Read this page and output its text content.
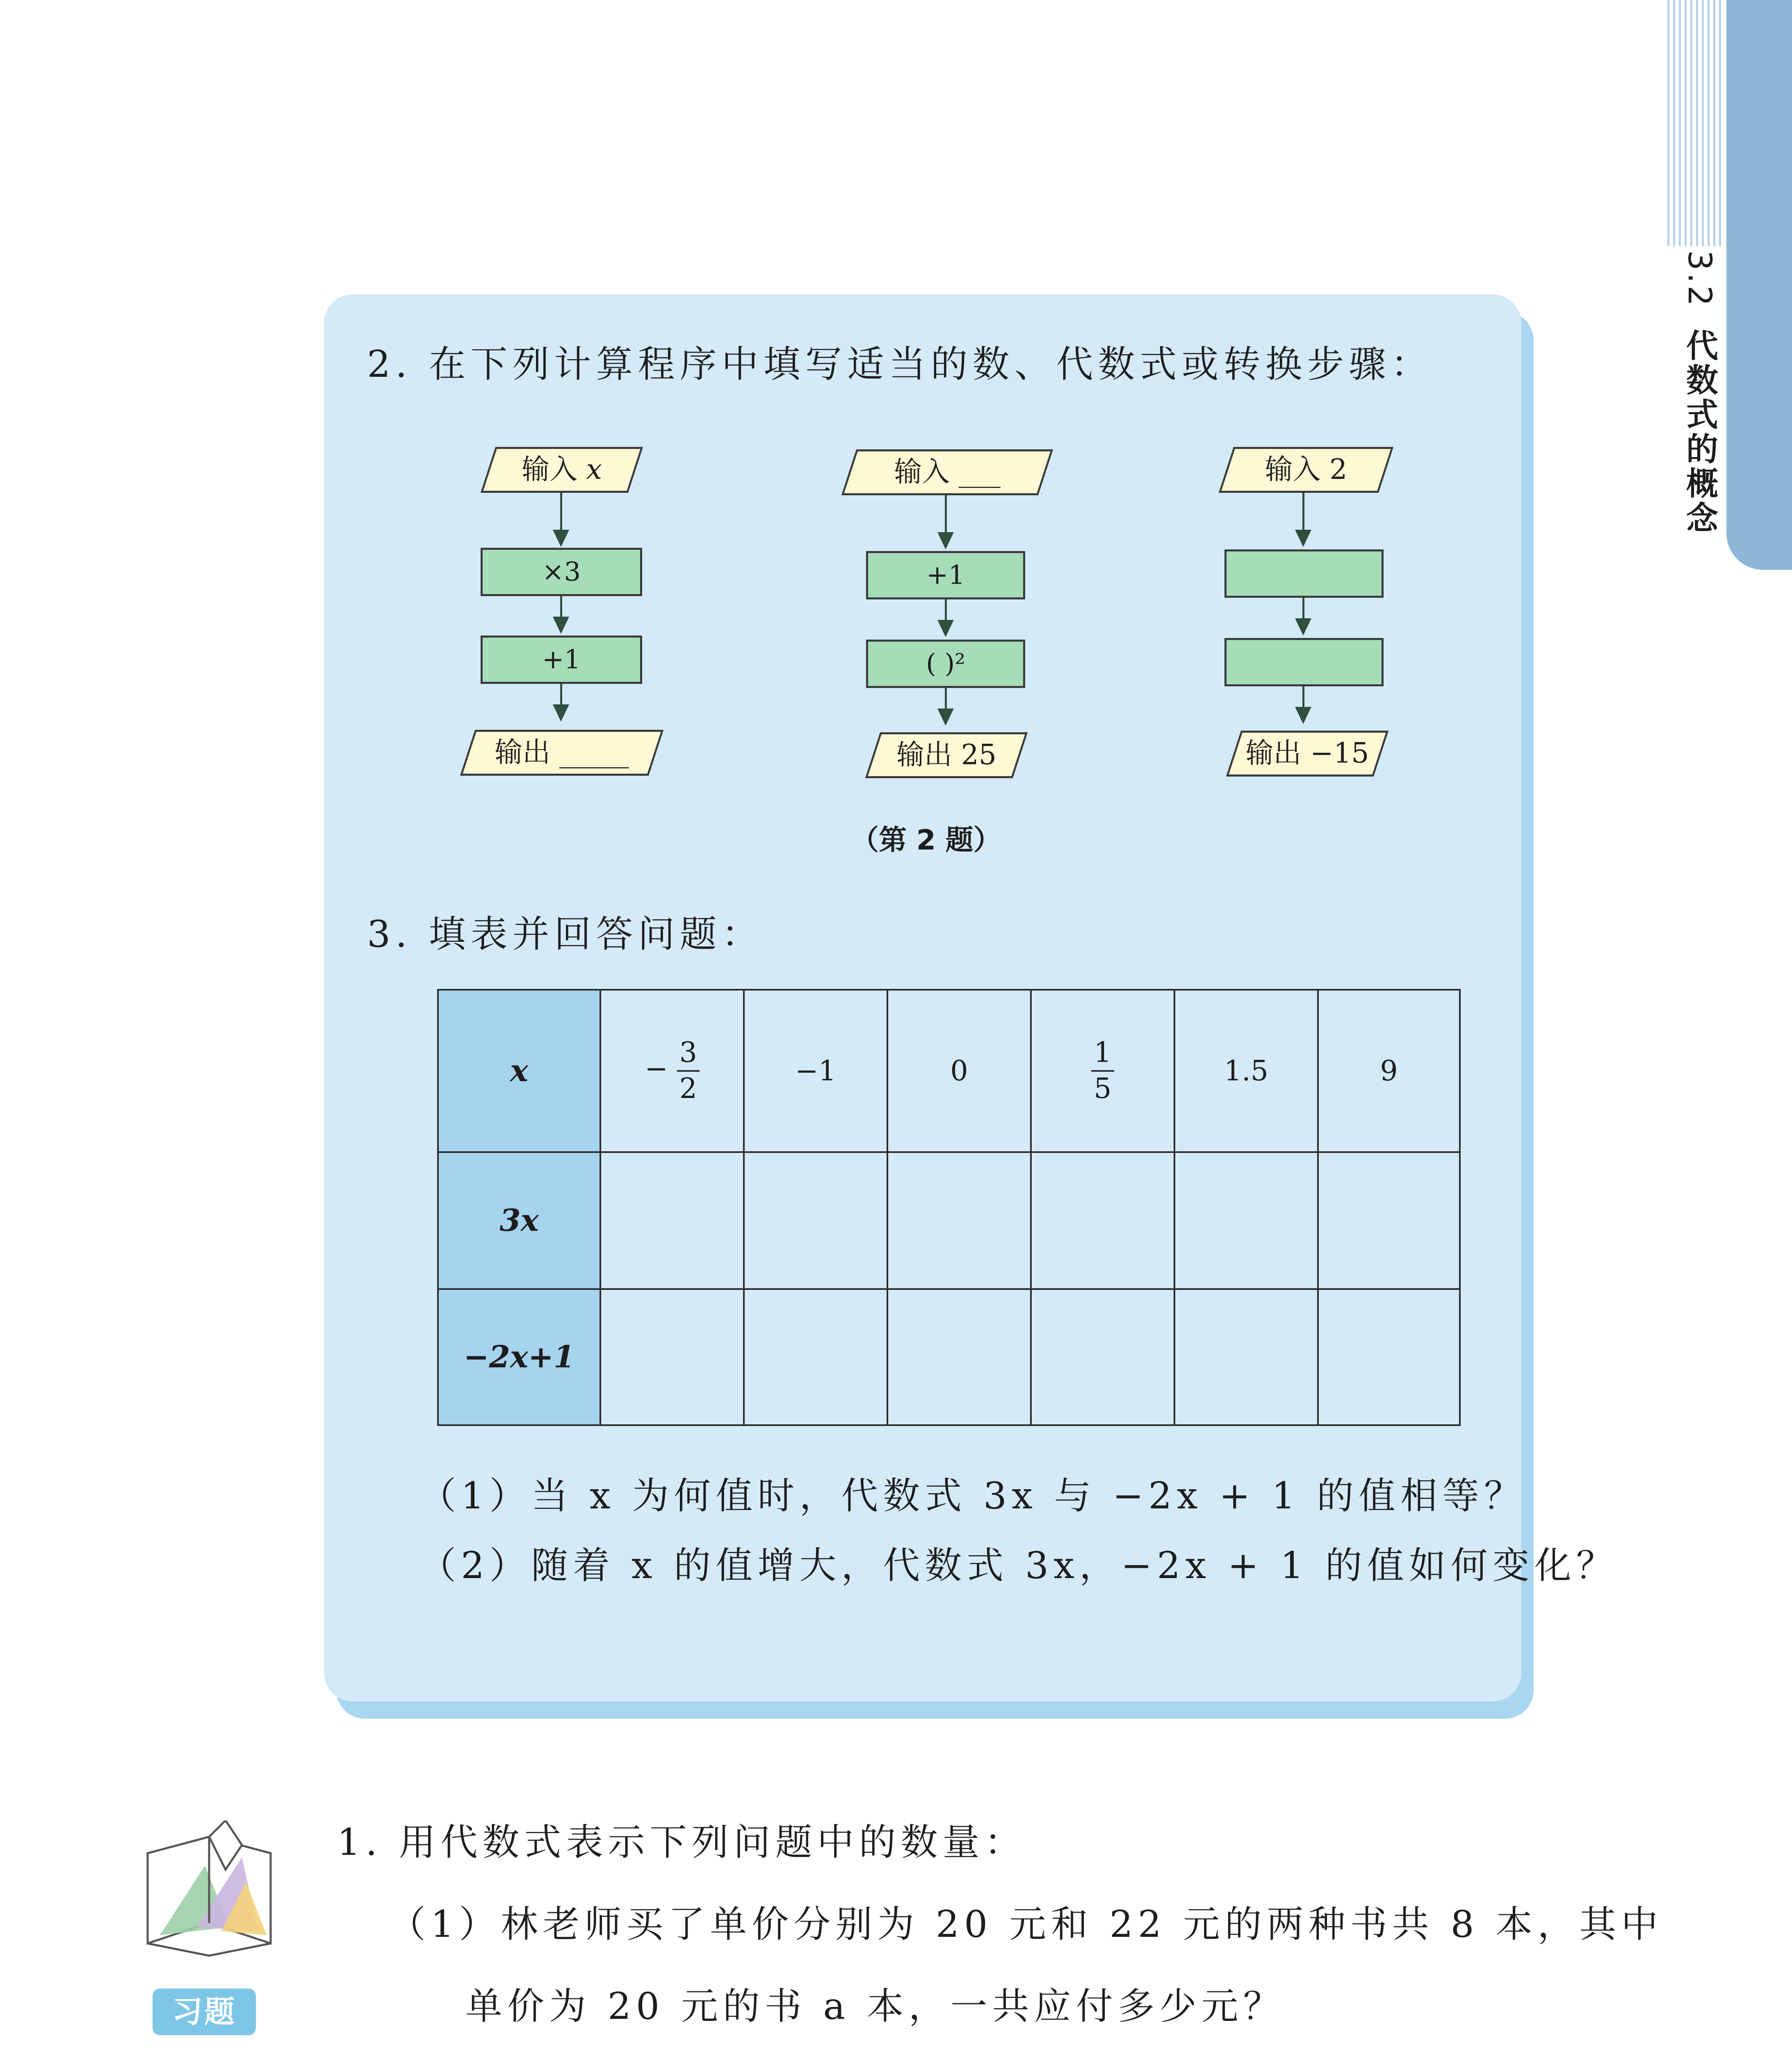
3.2代数式的概念
2. 在下列计算程序中填写适当的数、代数式或转换步骤：
输入 x
×3
+1
输出 _____
输入 ___
+1
( )²
输出 25
输入 2
输出 −15
（第 2 题）
3. 填表并回答问题：
x	− $\frac{3}{2}$	−1	0	$\frac{1}{5}$	1.5	9
3x						
−2x+1						
（1）当 x 为何值时，代数式 3x 与 −2x + 1 的值相等？
（2）随着 x 的值增大，代数式 3x，−2x + 1 的值如何变化？
习题
1. 用代数式表示下列问题中的数量：
（1）林老师买了单价分别为 20 元和 22 元的两种书共 8 本，其中
单价为 20 元的书 a 本，一共应付多少元？
